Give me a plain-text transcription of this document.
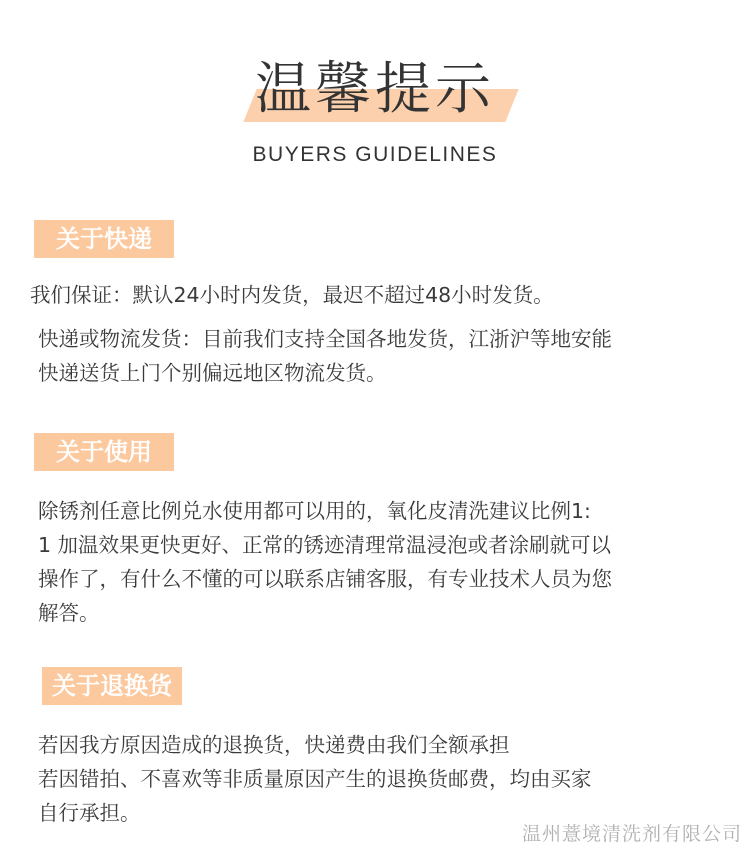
温馨提示
BUYERS GUIDELINES
关于快递

我们保证：默认24小时内发货，最迟不超过48小时发货。

快递或物流发货：目前我们支持全国各地发货，江浙沪等地安能
快递送货上门个别偏远地区物流发货。

关于使用

除锈剂任意比例兑水使用都可以用的，氧化皮清洗建议比例1:
1 加温效果更快更好、正常的锈迹清理常温浸泡或者涂刷就可以
操作了，有什么不懂的可以联系店铺客服，有专业技术人员为您
解答。

关于退换货

若因我方原因造成的退换货，快递费由我们全额承担
若因错拍、不喜欢等非质量原因产生的退换货邮费，均由买家
自行承担。

温州薏境清洗剂有限公司
